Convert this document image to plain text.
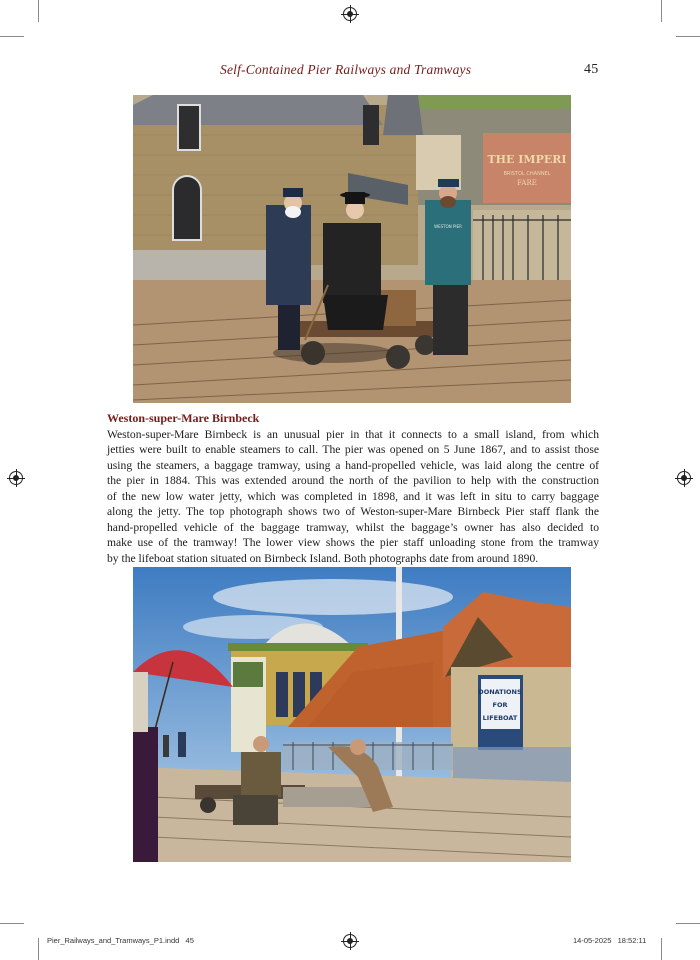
Self-Contained Pier Railways and Tramways	45
THE IMPERI
BRISTOL CHANNEL
FARE
WESTON PIER
Weston-super-Mare Birnbeck
Weston-super-Mare Birnbeck is an unusual pier in that it connects to a small island, from which
jetties were built to enable steamers to call. The pier was opened on 5 June 1867, and to assist those
using the steamers, a baggage tramway, using a hand-propelled vehicle, was laid along the centre of
the pier in 1884. This was extended around the north of the pavilion to help with the construction
of the new low water jetty, which was completed in 1898, and it was left in situ to carry baggage
along the jetty. The top photograph shows two of Weston-super-Mare Birnbeck Pier staff flank the
hand-propelled vehicle of the baggage tramway, whilst the baggage’s owner has also decided to
make use of the tramway! The lower view shows the pier staff unloading stone from the tramway
by the lifeboat station situated on Birnbeck Island. Both photographs date from around 1890.
DONATIONS
FOR
LIFEBOAT
Pier_Railways_and_Tramways_P1.indd   45	14-05-2025   18:52:11
